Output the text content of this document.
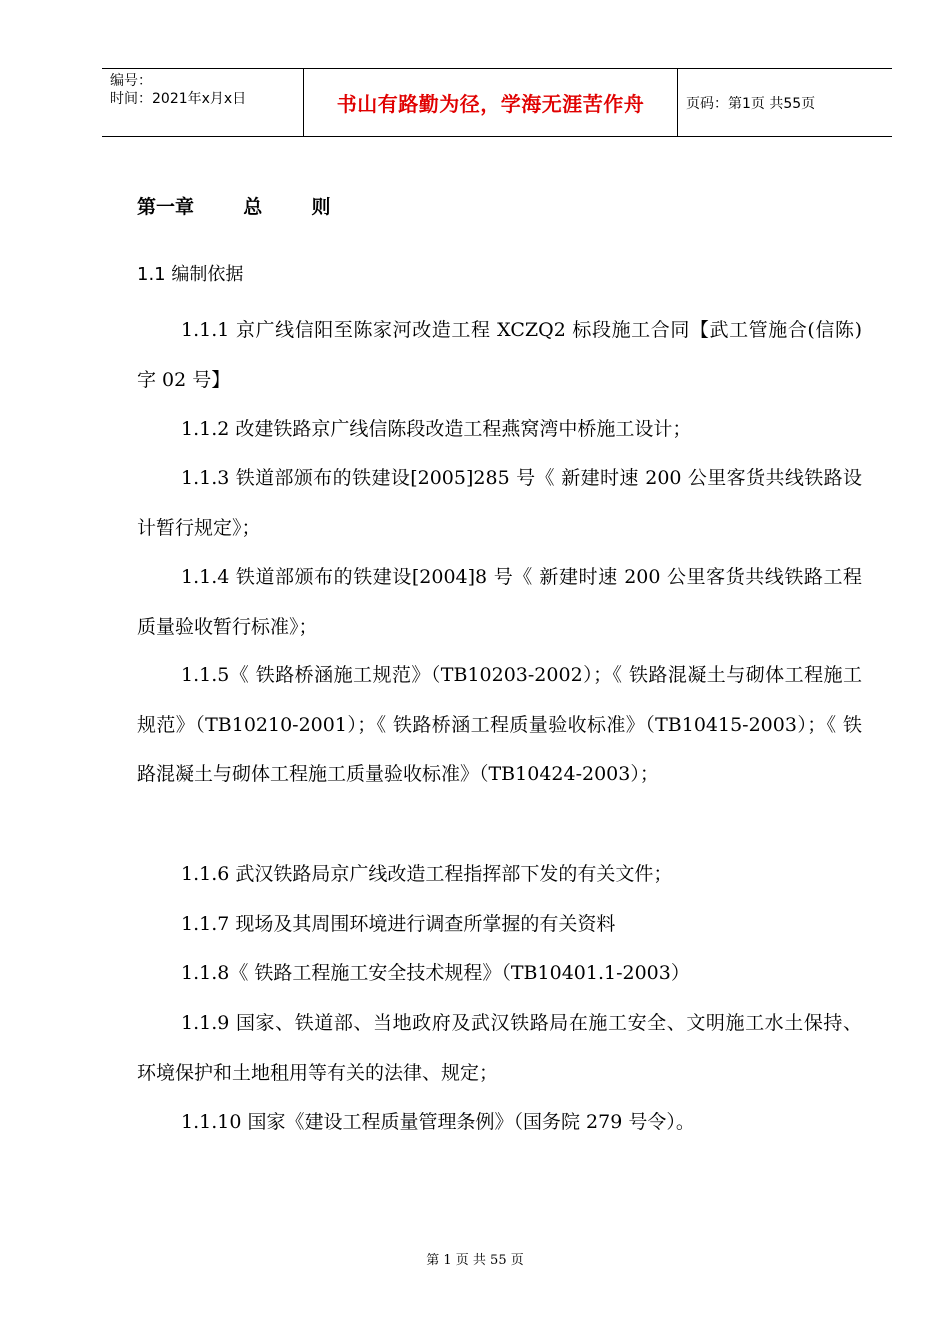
编号：
时间：2021年x月x日	书山有路勤为径，学海无涯苦作舟	页码：第1页 共55页
第一章  总  则
1.1 编制依据

1.1.1 京广线信阳至陈家河改造工程 XCZQ2 标段施工合同【武工管施合(信陈)字 02 号】

1.1.2 改建铁路京广线信陈段改造工程燕窝湾中桥施工设计；

1.1.3 铁道部颁布的铁建设[2005]285 号《 新建时速 200 公里客货共线铁路设计暂行规定》；

1.1.4 铁道部颁布的铁建设[2004]8 号《 新建时速 200 公里客货共线铁路工程质量验收暂行标准》；

1.1.5《 铁路桥涵施工规范》（TB10203-2002）；《 铁路混凝土与砌体工程施工规范》（TB10210-2001）；《 铁路桥涵工程质量验收标准》（TB10415-2003）；《 铁路混凝土与砌体工程施工质量验收标准》（TB10424-2003）；

1.1.6 武汉铁路局京广线改造工程指挥部下发的有关文件；

1.1.7 现场及其周围环境进行调查所掌握的有关资料

1.1.8《 铁路工程施工安全技术规程》（TB10401.1-2003）

1.1.9 国家、铁道部、当地政府及武汉铁路局在施工安全、文明施工水土保持、环境保护和土地租用等有关的法律、规定；

1.1.10 国家《建设工程质量管理条例》（国务院 279 号令）。

第 1 页 共 55 页
